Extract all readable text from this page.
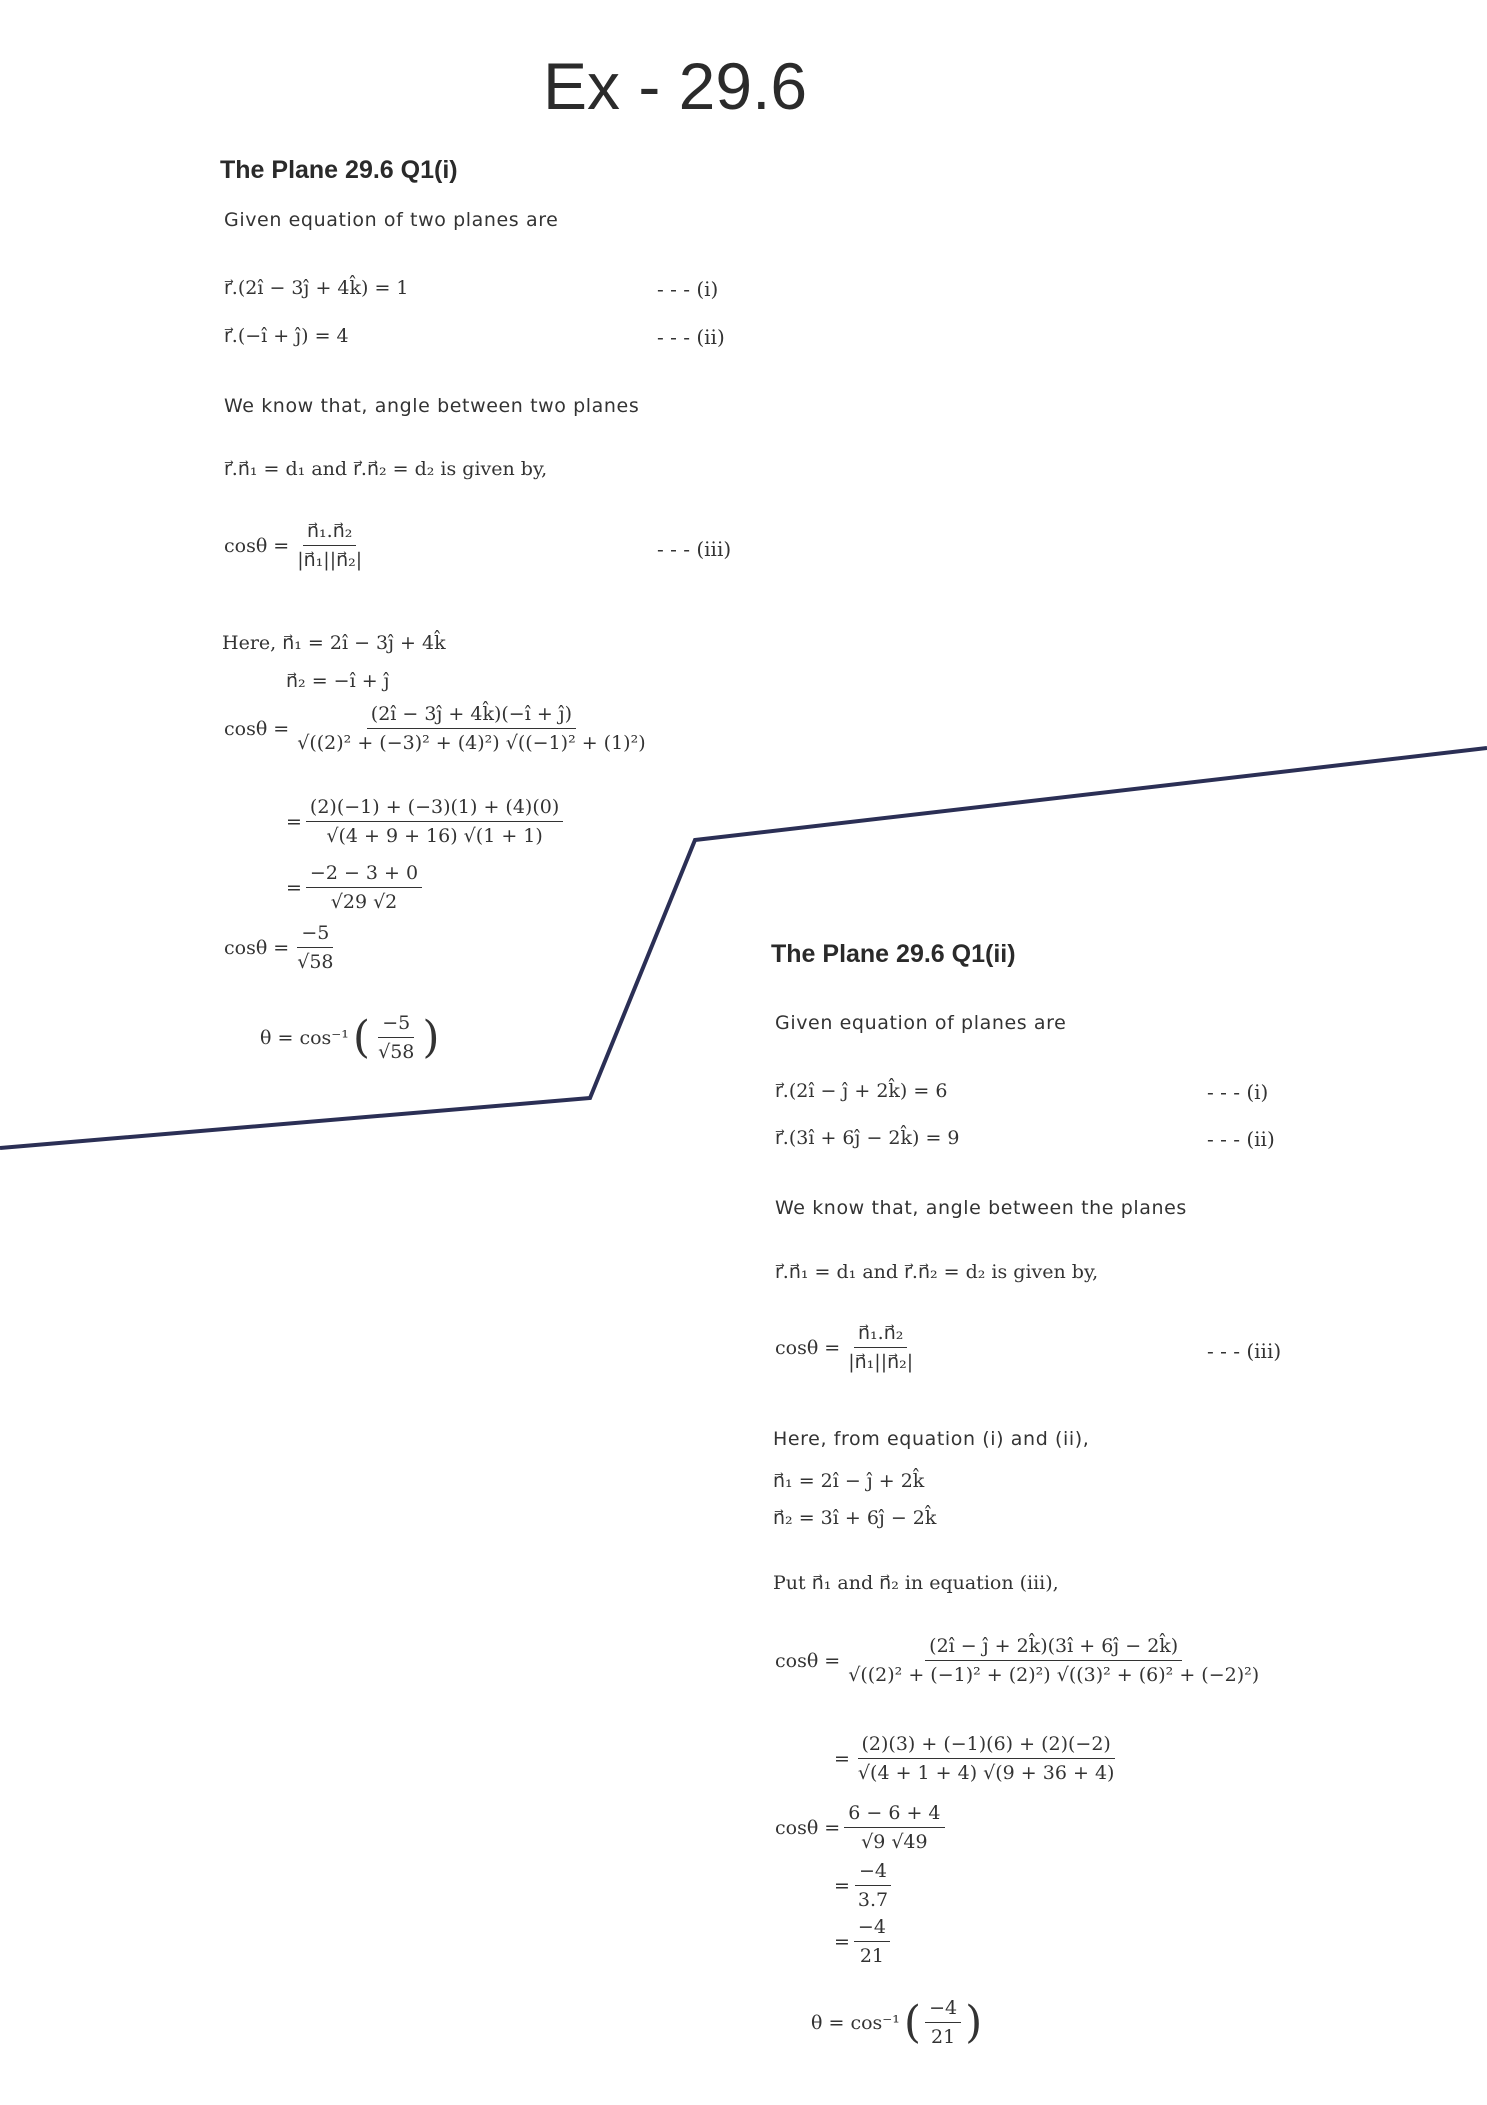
Ex - 29.6
The Plane 29.6 Q1(i)
Given equation of two planes are
r⃗.(2î − 3ĵ + 4k̂) = 1	- - - (i)
r⃗.(−î + ĵ) = 4	- - - (ii)
We know that, angle between two planes
r⃗.n⃗₁ = d₁ and r⃗.n⃗₂ = d₂ is given by,
$\cos\theta = \frac{\text{n⃗₁.n⃗₂}}{\text{|n⃗₁||n⃗₂|}}$	- - - (iii)
Here, n⃗₁ = 2î − 3ĵ + 4k̂
n⃗₂ = −î + ĵ
$\cos\theta = \frac{(2î - 3ĵ + 4k̂)(-î + ĵ)}{\text{√((2)² + (−3)² + (4)²) √((−1)² + (1)²)}}$
= $\frac{(2)(-1) + (-3)(1) + (4)(0)}{√(4 + 9 + 16) √(1 + 1)}$
= $\frac{-2 - 3 + 0}{√29 √2}$
$\cos\theta = \frac{-5}{√58}$
θ = cos⁻¹ ( $\frac{-5}{√58}$ )
The Plane 29.6 Q1(ii)
Given equation of planes are
r⃗.(2î − ĵ + 2k̂) = 6	- - - (i)
r⃗.(3î + 6ĵ − 2k̂) = 9	- - - (ii)
We know that, angle between the planes
r⃗.n⃗₁ = d₁ and r⃗.n⃗₂ = d₂ is given by,
$\cos\theta = \frac{\text{n⃗₁.n⃗₂}}{\text{|n⃗₁||n⃗₂|}}$	- - - (iii)
Here, from equation (i) and (ii),
n⃗₁ = 2î − ĵ + 2k̂
n⃗₂ = 3î + 6ĵ − 2k̂
Put n⃗₁ and n⃗₂ in equation (iii),
$\cos\theta = \frac{(2î - ĵ + 2k̂)(3î + 6ĵ - 2k̂)}{\text{√((2)² + (−1)² + (2)²) √((3)² + (6)² + (−2)²)}}$
= $\frac{(2)(3) + (-1)(6) + (2)(-2)}{√(4 + 1 + 4) √(9 + 36 + 4)}$
$\cos\theta = \frac{6 - 6 + 4}{√9 √49}$
= $\frac{-4}{3.7}$
= $\frac{-4}{21}$
θ = cos⁻¹ ( $\frac{-4}{21}$ )
